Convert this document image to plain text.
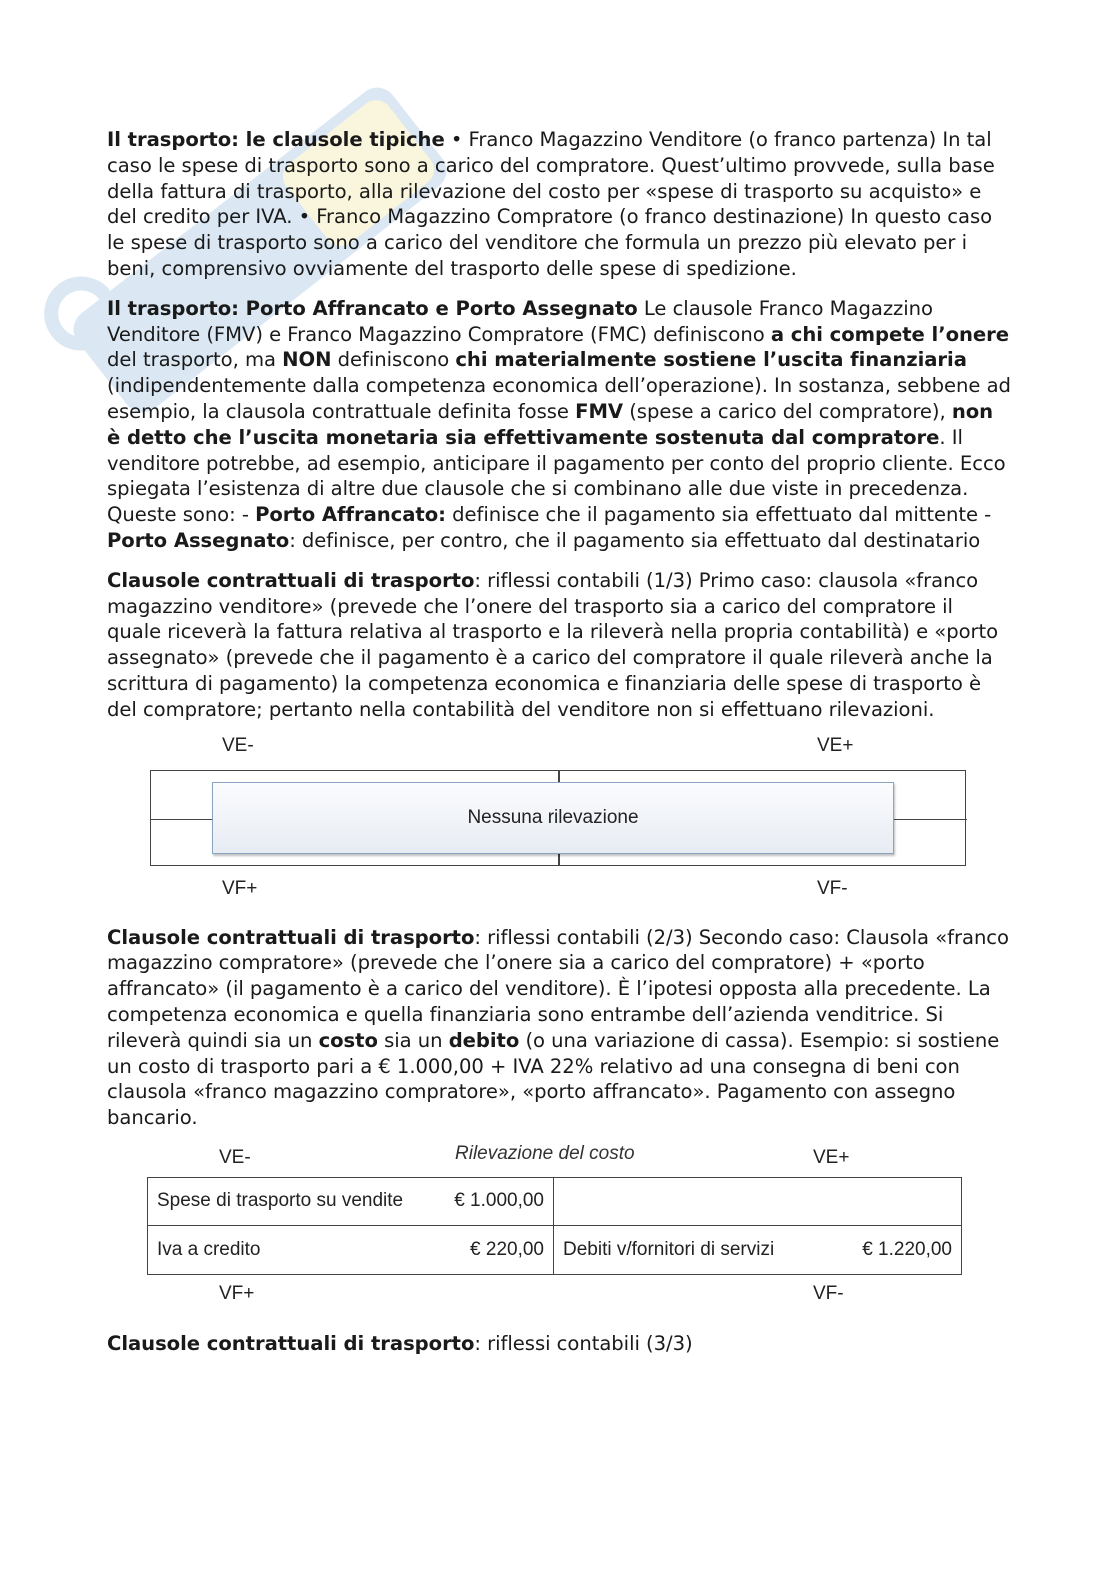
Il trasporto: le clausole tipiche • Franco Magazzino Venditore (o franco partenza) In tal caso le spese di trasporto sono a carico del compratore. Quest’ultimo provvede, sulla base della fattura di trasporto, alla rilevazione del costo per «spese di trasporto su acquisto» e del credito per IVA. • Franco Magazzino Compratore (o franco destinazione) In questo caso le spese di trasporto sono a carico del venditore che formula un prezzo più elevato per i beni, comprensivo ovviamente del trasporto delle spese di spedizione.

Il trasporto: Porto Affrancato e Porto Assegnato Le clausole Franco Magazzino Venditore (FMV) e Franco Magazzino Compratore (FMC) definiscono a chi compete l’onere del trasporto, ma NON definiscono chi materialmente sostiene l’uscita finanziaria (indipendentemente dalla competenza economica dell’operazione). In sostanza, sebbene ad esempio, la clausola contrattuale definita fosse FMV (spese a carico del compratore), non è detto che l’uscita monetaria sia effettivamente sostenuta dal compratore. Il venditore potrebbe, ad esempio, anticipare il pagamento per conto del proprio cliente. Ecco spiegata l’esistenza di altre due clausole che si combinano alle due viste in precedenza. Queste sono: - Porto Affrancato: definisce che il pagamento sia effettuato dal mittente - Porto Assegnato: definisce, per contro, che il pagamento sia effettuato dal destinatario

Clausole contrattuali di trasporto: riflessi contabili (1/3) Primo caso: clausola «franco magazzino venditore» (prevede che l’onere del trasporto sia a carico del compratore il quale riceverà la fattura relativa al trasporto e la rileverà nella propria contabilità) e «porto assegnato» (prevede che il pagamento è a carico del compratore il quale rileverà anche la scrittura di pagamento) la competenza economica e finanziaria delle spese di trasporto è del compratore; pertanto nella contabilità del venditore non si effettuano rilevazioni.

VE-	VE+
Nessuna rilevazione
VF+	VF-

Clausole contrattuali di trasporto: riflessi contabili (2/3) Secondo caso: Clausola «franco magazzino compratore» (prevede che l’onere sia a carico del compratore) + «porto affrancato» (il pagamento è a carico del venditore). È l’ipotesi opposta alla precedente. La competenza economica e quella finanziaria sono entrambe dell’azienda venditrice. Si rileverà quindi sia un costo sia un debito (o una variazione di cassa). Esempio: si sostiene un costo di trasporto pari a € 1.000,00 + IVA 22% relativo ad una consegna di beni con clausola «franco magazzino compratore», «porto affrancato». Pagamento con assegno bancario.

VE-	Rilevazione del costo	VE+
Spese di trasporto su vendite	€ 1.000,00
Iva a credito	€ 220,00 Debiti v/fornitori di servizi	€ 1.220,00
VF+	VF-

Clausole contrattuali di trasporto: riflessi contabili (3/3)
